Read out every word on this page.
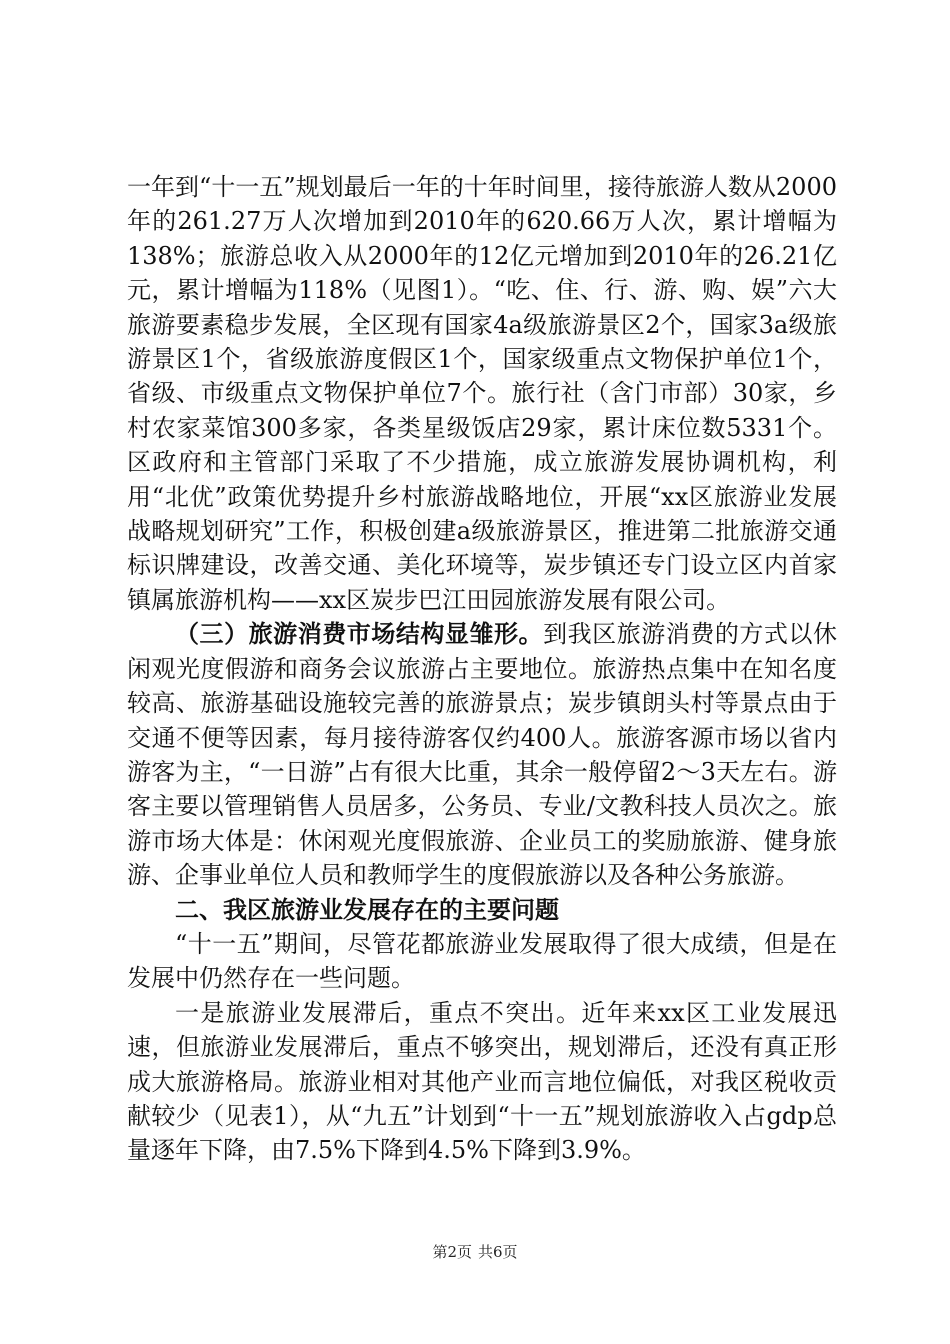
一年到“十一五”规划最后一年的十年时间里，接待旅游人数从2000年的261.27万人次增加到2010年的620.66万人次，累计增幅为138%；旅游总收入从2000年的12亿元增加到2010年的26.21亿元，累计增幅为118%（见图1）。“吃、住、行、游、购、娱”六大旅游要素稳步发展，全区现有国家4a级旅游景区2个，国家3a级旅游景区1个，省级旅游度假区1个，国家级重点文物保护单位1个，省级、市级重点文物保护单位7个。旅行社（含门市部）30家，乡村农家菜馆300多家，各类星级饭店29家，累计床位数5331个。区政府和主管部门采取了不少措施，成立旅游发展协调机构，利用“北优”政策优势提升乡村旅游战略地位，开展“xx区旅游业发展战略规划研究”工作，积极创建a级旅游景区，推进第二批旅游交通标识牌建设，改善交通、美化环境等，炭步镇还专门设立区内首家镇属旅游机构——xx区炭步巴江田园旅游发展有限公司。

（三）旅游消费市场结构显雏形。到我区旅游消费的方式以休闲观光度假游和商务会议旅游占主要地位。旅游热点集中在知名度较高、旅游基础设施较完善的旅游景点；炭步镇朗头村等景点由于交通不便等因素，每月接待游客仅约400人。旅游客源市场以省内游客为主，“一日游”占有很大比重，其余一般停留2～3天左右。游客主要以管理销售人员居多，公务员、专业/文教科技人员次之。旅游市场大体是：休闲观光度假旅游、企业员工的奖励旅游、健身旅游、企事业单位人员和教师学生的度假旅游以及各种公务旅游。

二、我区旅游业发展存在的主要问题

“十一五”期间，尽管花都旅游业发展取得了很大成绩，但是在发展中仍然存在一些问题。

一是旅游业发展滞后，重点不突出。近年来xx区工业发展迅速，但旅游业发展滞后，重点不够突出，规划滞后，还没有真正形成大旅游格局。旅游业相对其他产业而言地位偏低，对我区税收贡献较少（见表1），从“九五”计划到“十一五”规划旅游收入占gdp总量逐年下降，由7.5%下降到4.5%下降到3.9%。

第2页 共6页
